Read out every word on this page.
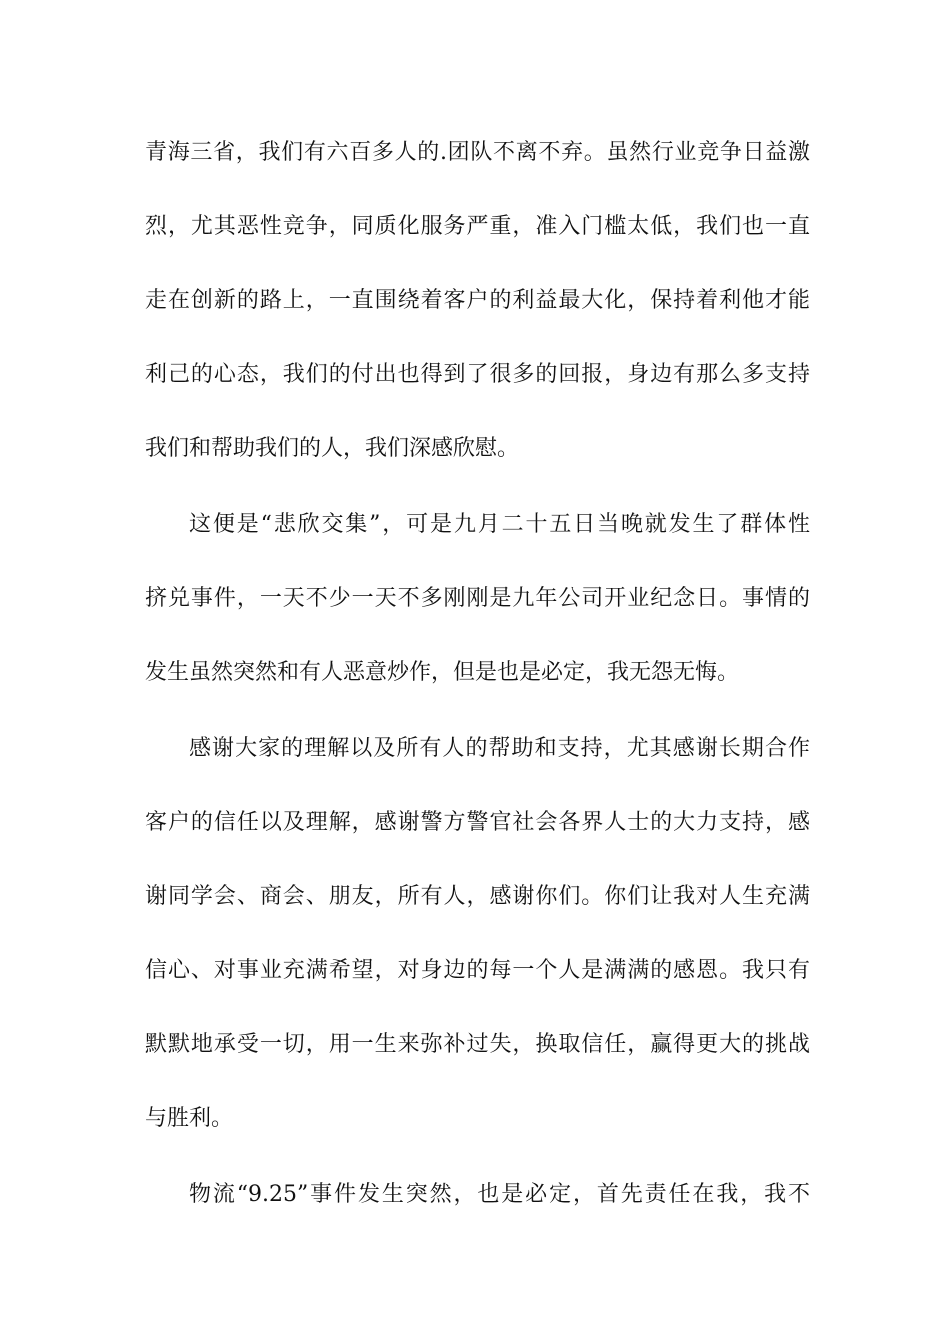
青海三省，我们有六百多人的.团队不离不弃。虽然行业竞争日益激
烈，尤其恶性竞争，同质化服务严重，准入门槛太低，我们也一直
走在创新的路上，一直围绕着客户的利益最大化，保持着利他才能
利己的心态，我们的付出也得到了很多的回报，身边有那么多支持
我们和帮助我们的人，我们深感欣慰。
这便是“悲欣交集”，可是九月二十五日当晚就发生了群体性
挤兑事件，一天不少一天不多刚刚是九年公司开业纪念日。事情的
发生虽然突然和有人恶意炒作，但是也是必定，我无怨无悔。
感谢大家的理解以及所有人的帮助和支持，尤其感谢长期合作
客户的信任以及理解，感谢警方警官社会各界人士的大力支持，感
谢同学会、商会、朋友，所有人，感谢你们。你们让我对人生充满
信心、对事业充满希望，对身边的每一个人是满满的感恩。我只有
默默地承受一切，用一生来弥补过失，换取信任，赢得更大的挑战
与胜利。
物流“9.25”事件发生突然，也是必定，首先责任在我，我不
